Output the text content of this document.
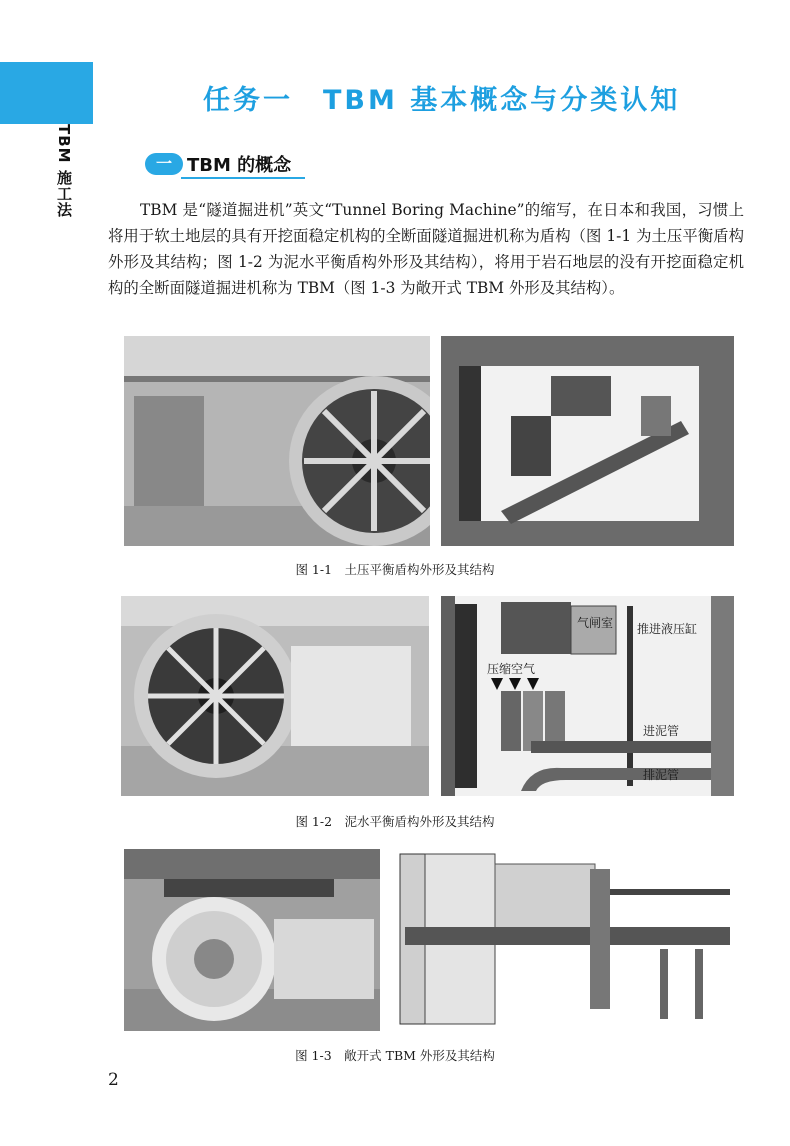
TBM 施工法
任务一　TBM 基本概念与分类认知
一 TBM 的概念

TBM 是“隧道掘进机”英文“Tunnel Boring Machine”的缩写，在日本和我国，习惯上将用于软土地层的具有开挖面稳定机构的全断面隧道掘进机称为盾构（图 1-1 为土压平衡盾构外形及其结构；图 1-2 为泥水平衡盾构外形及其结构），将用于岩石地层的没有开挖面稳定机构的全断面隧道掘进机称为 TBM（图 1-3 为敞开式 TBM 外形及其结构）。

图 1-1　土压平衡盾构外形及其结构
气闸室 推进液压缸
压缩空气
进泥管
排泥管
图 1-2　泥水平衡盾构外形及其结构
图 1-3　敞开式 TBM 外形及其结构
2
